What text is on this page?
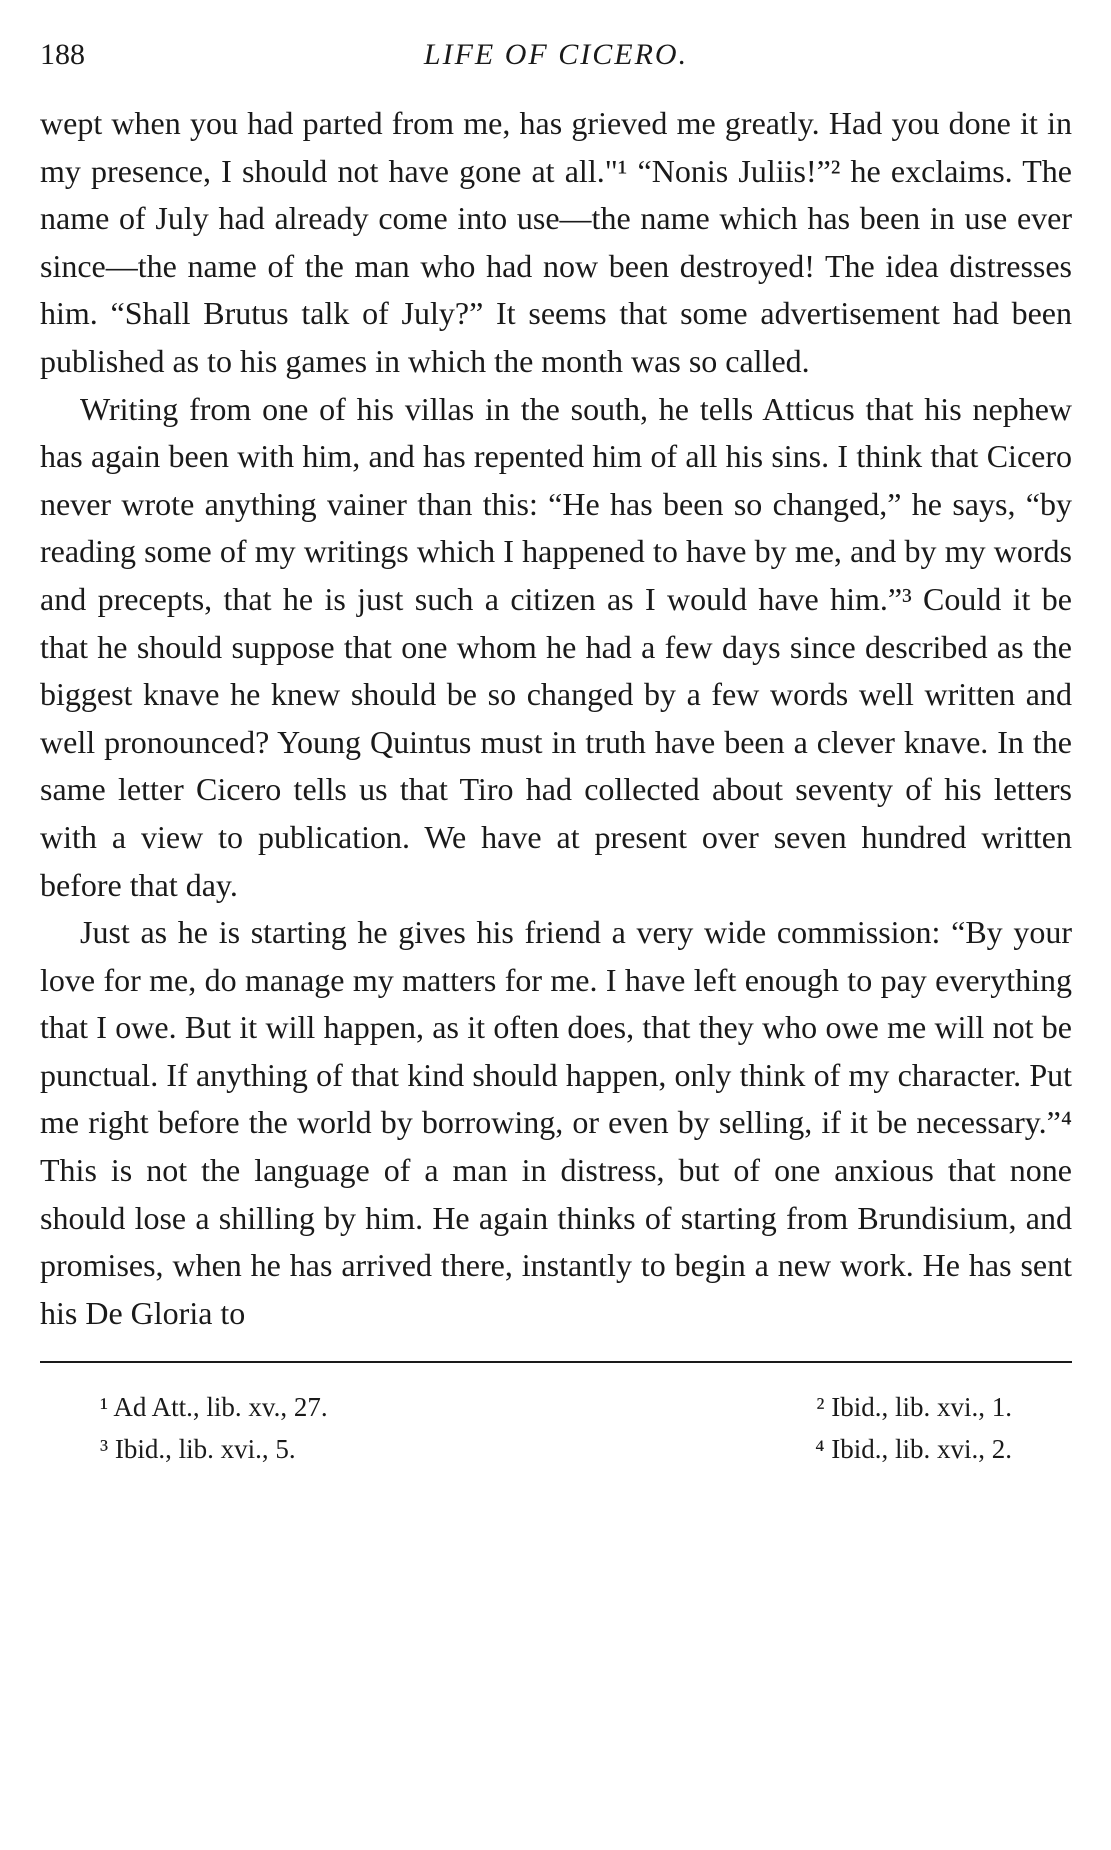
188	LIFE OF CICERO.

wept when you had parted from me, has grieved me greatly. Had you done it in my presence, I should not have gone at all."¹ “Nonis Juliis!”² he exclaims. The name of July had already come into use—the name which has been in use ever since—the name of the man who had now been destroyed! The idea distresses him. “Shall Brutus talk of July?” It seems that some advertisement had been published as to his games in which the month was so called.

Writing from one of his villas in the south, he tells Atticus that his nephew has again been with him, and has repented him of all his sins. I think that Cicero never wrote anything vainer than this: “He has been so changed,” he says, “by reading some of my writings which I happened to have by me, and by my words and precepts, that he is just such a citizen as I would have him.”³ Could it be that he should suppose that one whom he had a few days since described as the biggest knave he knew should be so changed by a few words well written and well pronounced? Young Quintus must in truth have been a clever knave. In the same letter Cicero tells us that Tiro had collected about seventy of his letters with a view to publication. We have at present over seven hundred written before that day.

Just as he is starting he gives his friend a very wide commission: “By your love for me, do manage my matters for me. I have left enough to pay everything that I owe. But it will happen, as it often does, that they who owe me will not be punctual. If anything of that kind should happen, only think of my character. Put me right before the world by borrowing, or even by selling, if it be necessary.”⁴ This is not the language of a man in distress, but of one anxious that none should lose a shilling by him. He again thinks of starting from Brundisium, and promises, when he has arrived there, instantly to begin a new work. He has sent his De Gloria to

¹ Ad Att., lib. xv., 27.	² Ibid., lib. xvi., 1.
³ Ibid., lib. xvi., 5.	⁴ Ibid., lib. xvi., 2.
